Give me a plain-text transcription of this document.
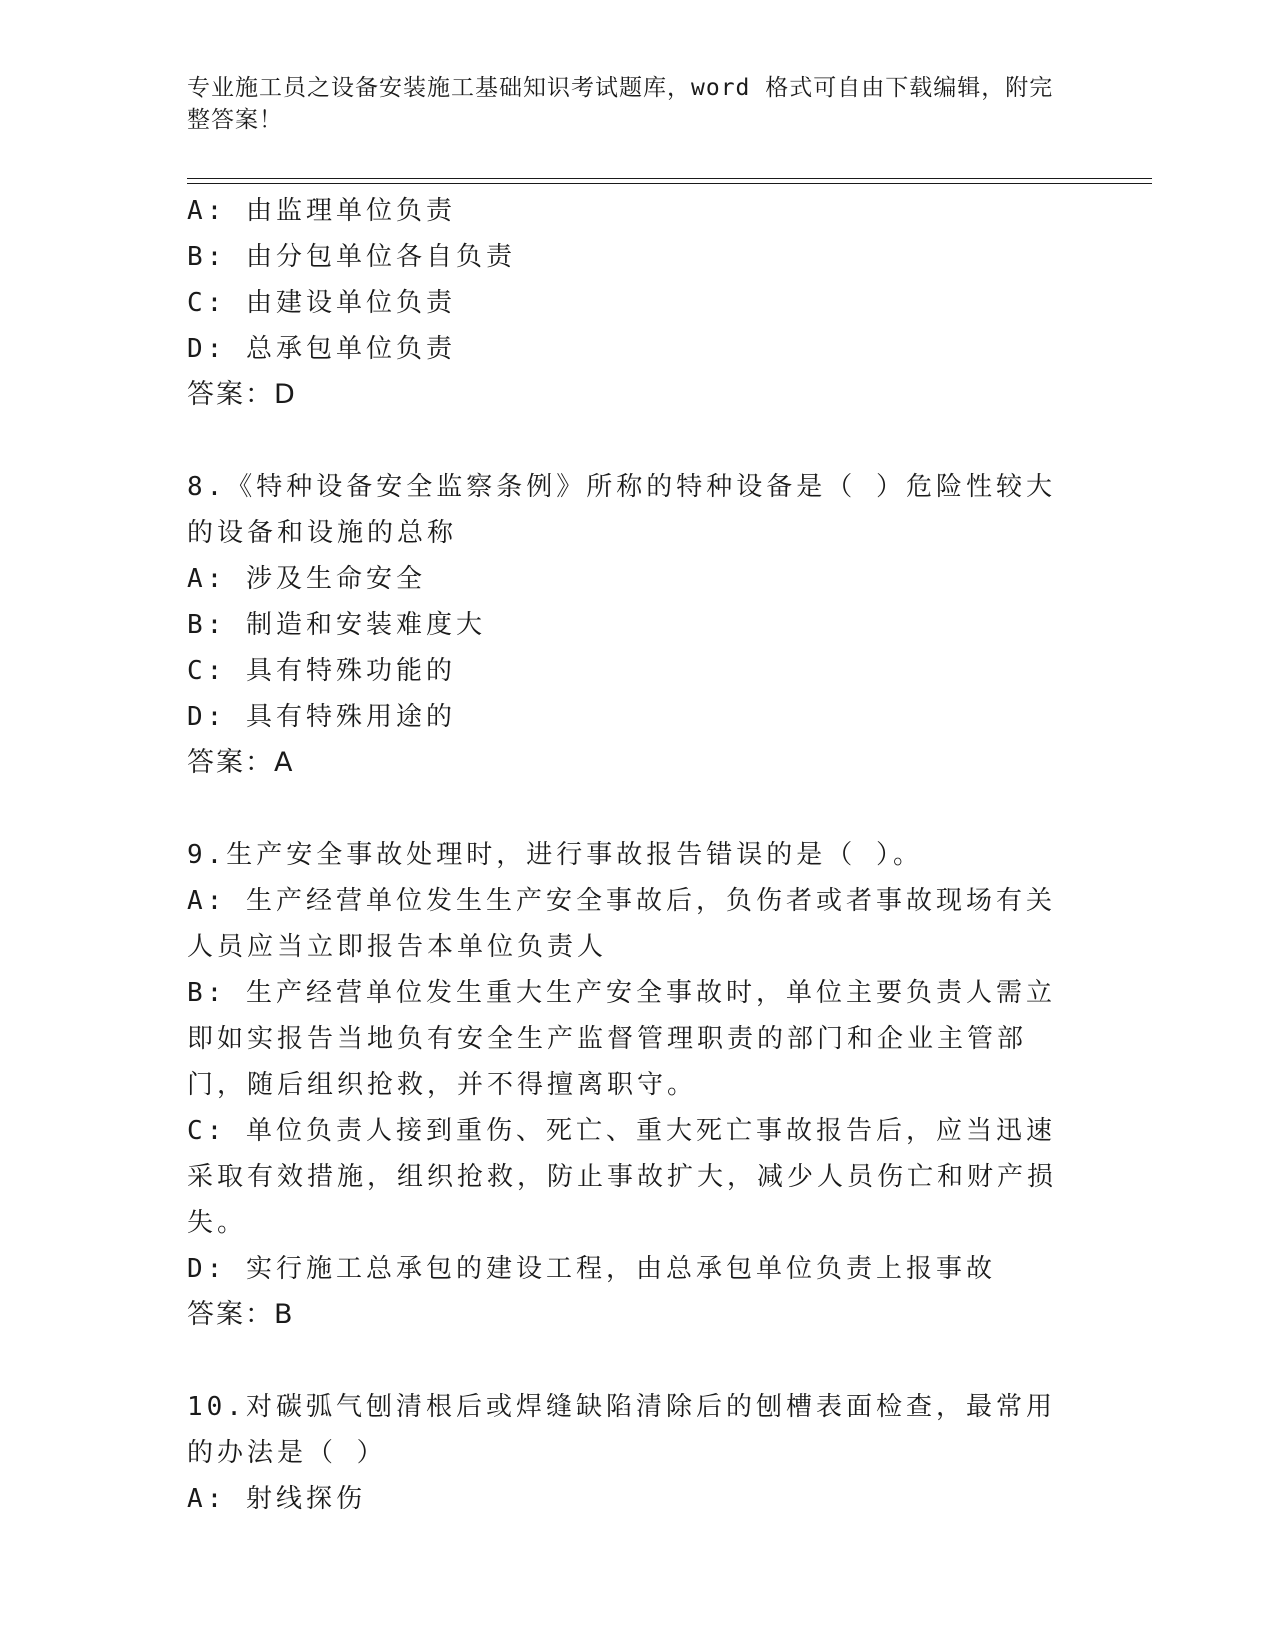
专业施工员之设备安装施工基础知识考试题库，word 格式可自由下载编辑，附完整答案！
A: 由监理单位负责
B: 由分包单位各自负责
C: 由建设单位负责
D: 总承包单位负责
答案：D
8.《特种设备安全监察条例》所称的特种设备是（ ）危险性较大的设备和设施的总称
A: 涉及生命安全
B: 制造和安装难度大
C: 具有特殊功能的
D: 具有特殊用途的
答案：A
9.生产安全事故处理时，进行事故报告错误的是（ ）。
A: 生产经营单位发生生产安全事故后，负伤者或者事故现场有关人员应当立即报告本单位负责人
B: 生产经营单位发生重大生产安全事故时，单位主要负责人需立即如实报告当地负有安全生产监督管理职责的部门和企业主管部门，随后组织抢救，并不得擅离职守。
C: 单位负责人接到重伤、死亡、重大死亡事故报告后，应当迅速采取有效措施，组织抢救，防止事故扩大，减少人员伤亡和财产损失。
D: 实行施工总承包的建设工程，由总承包单位负责上报事故
答案：B
10.对碳弧气刨清根后或焊缝缺陷清除后的刨槽表面检查，最常用的办法是（ ）
A: 射线探伤
